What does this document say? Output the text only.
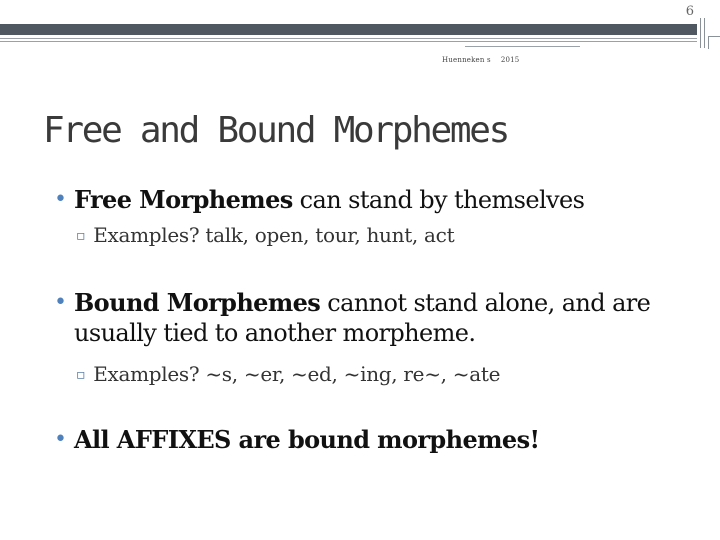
6
Huenneken s 2015
Free and Bound Morphemes
• Free Morphemes can stand by themselves
▫ Examples? talk, open, tour, hunt, act
• Bound Morphemes cannot stand alone, and are usually tied to another morpheme.
▫ Examples? ~s, ~er, ~ed, ~ing, re~, ~ate
• All AFFIXES are bound morphemes!
